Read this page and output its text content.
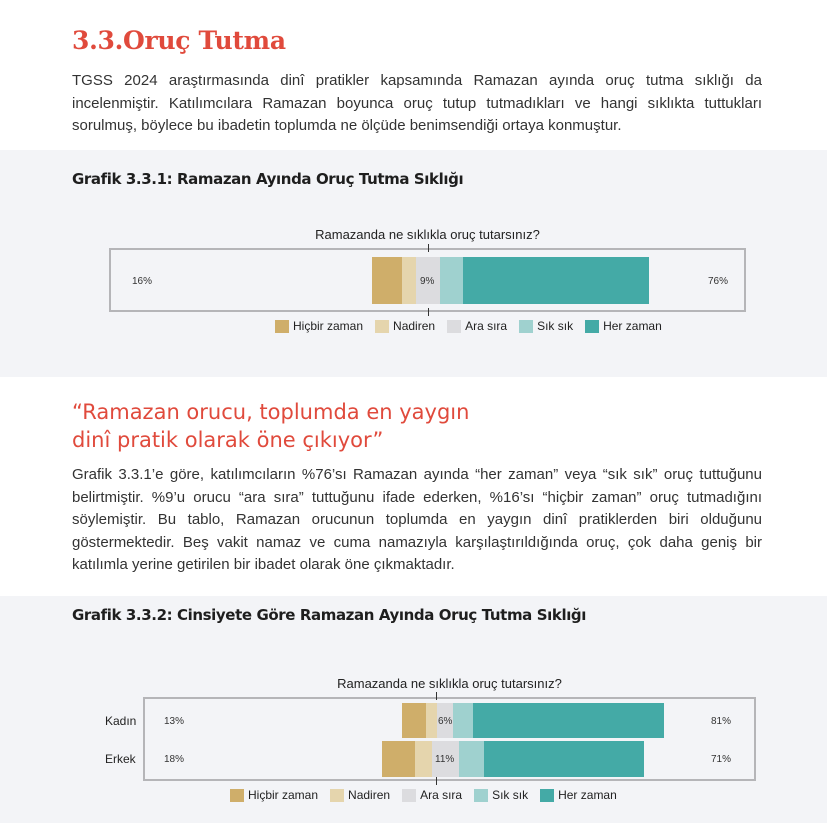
3.3.Oruç Tutma
TGSS 2024 araştırmasında dinî pratikler kapsamında Ramazan ayında oruç tutma sıklığı da incelenmiştir. Katılımcılara Ramazan boyunca oruç tutup tutmadıkları ve hangi sıklıkta tuttukları sorulmuş, böylece bu ibadetin toplumda ne ölçüde benimsendiği ortaya konmuştur.
Grafik 3.3.1: Ramazan Ayında Oruç Tutma Sıklığı
Ramazanda ne sıklıkla oruç tutarsınız?
16%	9%	76%
Hiçbir zaman	Nadiren	Ara sıra	Sık sık	Her zaman
“Ramazan orucu, toplumda en yaygın
dinî pratik olarak öne çıkıyor”
Grafik ‎3.3.1’e göre, katılımcıların %76’sı Ramazan ayında “her zaman” veya “sık sık” oruç tuttuğunu belirtmiştir. %9’u orucu “ara sıra” tuttuğunu ifade ederken, %16’sı “hiçbir zaman” oruç tutmadığını söylemiştir. Bu tablo, Ramazan orucunun toplumda en yaygın dinî pratiklerden biri olduğunu göstermektedir. Beş vakit namaz ve cuma namazıyla karşılaştırıldığında oruç, çok daha geniş bir katılımla yerine getirilen bir ibadet olarak öne çıkmaktadır.
Grafik 3.3.2: Cinsiyete Göre Ramazan Ayında Oruç Tutma Sıklığı
Ramazanda ne sıklıkla oruç tutarsınız?
Kadın
Erkek
13%	6%	81%
18%	11%	71%
Hiçbir zaman	Nadiren	Ara sıra	Sık sık	Her zaman
